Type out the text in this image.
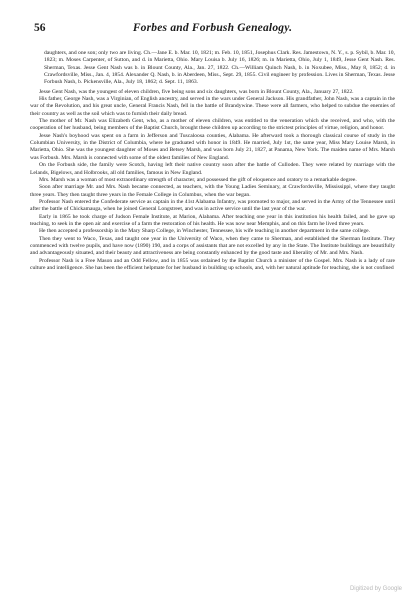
56	Forbes and Forbush Genealogy.

daughters, and one son; only two are living. Ch.—Jane E. b. Mar. 10, 1821; m. Feb. 10, 1851, Josephus Clark. Res. Jamestown, N. Y., s. p. Sybil, b. Mar. 10, 1823; m. Moses Carpenter, of Sutton, and d. in Marietta, Ohio. Mary Louisa b. July 16, 1826; m. in Marietta, Ohio, July 1, 1849, Jesse Gent Nash. Res. Sherman, Texas. Jesse Gent Nash was b. in Blount County, Ala., Jan. 27, 1822. Ch.—William Quinch Nash, b. in Noxubee, Miss., May 8, 1852; d. in Crawfordsville, Miss., Jan. 4, 1854. Alexander Q. Nash, b. in Aberdeen, Miss., Sept. 29, 1855. Civil engineer by profession. Lives in Sherman, Texas. Jesse Forbush Nash, b. Pickensville, Ala., July 18, 1862; d. Sept. 11, 1863.

Jesse Gent Nash, was the youngest of eleven children, five being sons and six daughters, was born in Blount County, Ala., January 27, 1822.

His father, George Nash, was a Virginian, of English ancestry, and served in the wars under General Jackson. His grandfather, John Nash, was a captain in the war of the Revolution, and his great uncle, General Francis Nash, fell in the battle of Brandywine. These were all farmers, who helped to subdue the enemies of their country as well as the soil which was to furnish their daily bread.

The mother of Mr. Nash was Elizabeth Gent, who, as a mother of eleven children, was entitled to the veneration which she received, and who, with the cooperation of her husband, being members of the Baptist Church, brought these children up according to the strictest principles of virtue, religion, and honor.

Jesse Nash's boyhood was spent on a farm in Jefferson and Tuscaloosa counties, Alabama. He afterward took a thorough classical course of study in the Columbian University, in the District of Columbia, where he graduated with honor in 1849. He married, July 1st, the same year, Miss Mary Louise Marsh, in Marietta, Ohio. She was the youngest daughter of Moses and Betsey Marsh, and was born July 21, 1827, at Panama, New York. The maiden name of Mrs. Marsh was Forbush. Mrs. Marsh is connected with some of the oldest families of New England.

On the Forbush side, the family were Scotch, having left their native country soon after the battle of Culloden. They were related by marriage with the Lelands, Bigelows, and Holbrooks, all old families, famous in New England.

Mrs. Marsh was a woman of most extraordinary strength of character, and possessed the gift of eloquence and oratory to a remarkable degree.

Soon after marriage Mr. and Mrs. Nash became connected, as teachers, with the Young Ladies Seminary, at Crawfordsville, Mississippi, where they taught three years. They then taught three years in the Female College in Columbus, when the war began.

Professor Nash entered the Confederate service as captain in the 41st Alabama Infantry, was promoted to major, and served in the Army of the Tennessee until after the battle of Chickamauga, when he joined General Longstreet, and was in active service until the last year of the war.

Early in 1865 he took charge of Judson Female Institute, at Marion, Alabama. After teaching one year in this institution his health failed, and he gave up teaching, to seek in the open air and exercise of a farm the restoration of his health. He was now near Memphis, and on this farm he lived three years.

He then accepted a professorship in the Mary Sharp College, in Winchester, Tennessee, his wife teaching in another department in the same college.

Then they went to Waco, Texas, and taught one year in the University of Waco, when they came to Sherman, and established the Sherman Institute. They commenced with twelve pupils, and have now (1890) 190, and a corps of assistants that are not excelled by any in the State. The Institute buildings are beautifully and advantageously situated, and their beauty and attractiveness are being constantly enhanced by the good taste and liberality of Mr. and Mrs. Nash.

Professor Nash is a Free Mason and an Odd Fellow, and in 1855 was ordained by the Baptist Church a minister of the Gospel. Mrs. Nash is a lady of rare culture and intelligence. She has been the efficient helpmate for her husband in building up schools, and, with her natural aptitude for teaching, she is not confined

Digitized by Google
